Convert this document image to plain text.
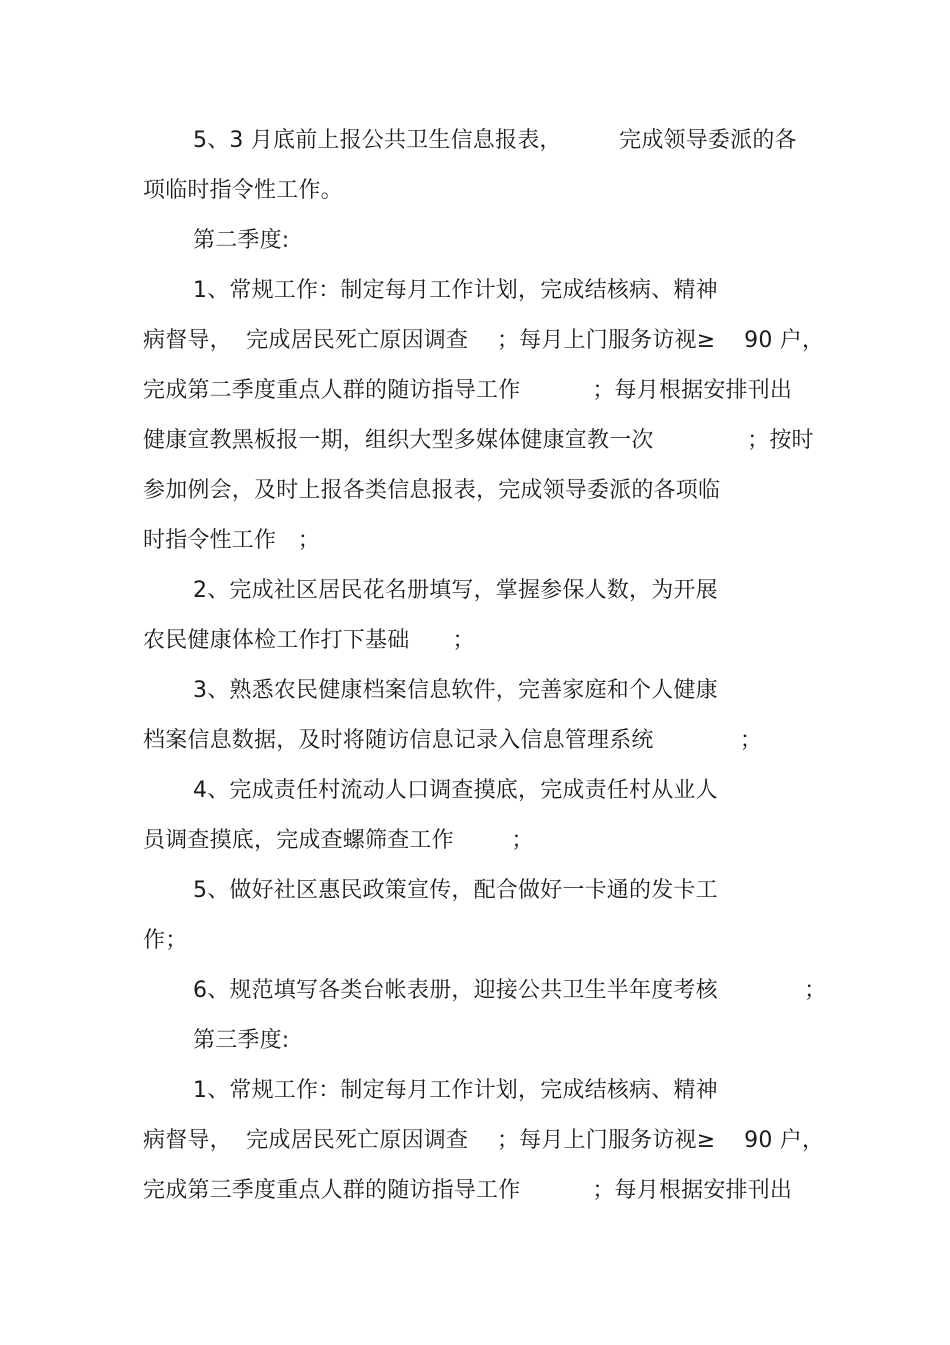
5、3 月底前上报公共卫生信息报表，        完成领导委派的各
项临时指令性工作。
第二季度:
1、常规工作：制定每月工作计划，完成结核病、精神
病督导，  完成居民死亡原因调查    ；每月上门服务访视≥    90 户，
完成第二季度重点人群的随访指导工作          ；每月根据安排刊出
健康宣教黑板报一期，组织大型多媒体健康宣教一次             ；按时
参加例会，及时上报各类信息报表，完成领导委派的各项临
时指令性工作   ；
2、完成社区居民花名册填写，掌握参保人数，为开展
农民健康体检工作打下基础      ；
3、熟悉农民健康档案信息软件，完善家庭和个人健康
档案信息数据，及时将随访信息记录入信息管理系统            ；
4、完成责任村流动人口调查摸底，完成责任村从业人
员调查摸底，完成查螺筛查工作        ；
5、做好社区惠民政策宣传，配合做好一卡通的发卡工
作；
6、规范填写各类台帐表册，迎接公共卫生半年度考核            ；
第三季度:
1、常规工作：制定每月工作计划，完成结核病、精神
病督导，  完成居民死亡原因调查    ；每月上门服务访视≥    90 户，
完成第三季度重点人群的随访指导工作          ；每月根据安排刊出
